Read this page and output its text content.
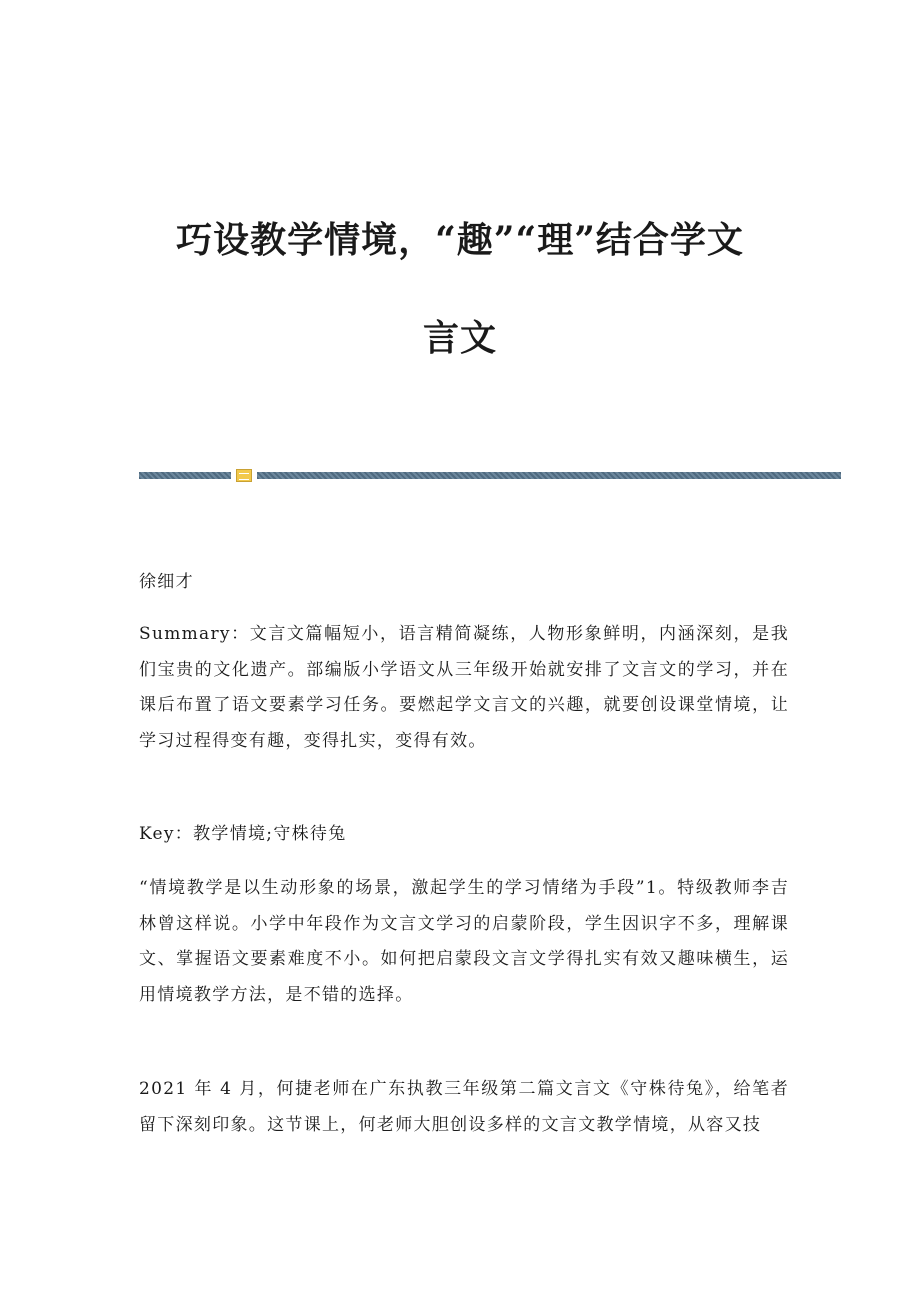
巧设教学情境，“趣”“理”结合学文
言文

徐细才

Summary：文言文篇幅短小，语言精简凝练，人物形象鲜明，内涵深刻，是我们宝贵的文化遗产。部编版小学语文从三年级开始就安排了文言文的学习，并在课后布置了语文要素学习任务。要燃起学文言文的兴趣，就要创设课堂情境，让学习过程得变有趣，变得扎实，变得有效。

Key：教学情境;守株待兔

“情境教学是以生动形象的场景，激起学生的学习情绪为手段”1。特级教师李吉林曾这样说。小学中年段作为文言文学习的启蒙阶段，学生因识字不多，理解课文、掌握语文要素难度不小。如何把启蒙段文言文学得扎实有效又趣味横生，运用情境教学方法，是不错的选择。

2021 年 4 月，何捷老师在广东执教三年级第二篇文言文《守株待兔》，给笔者留下深刻印象。这节课上，何老师大胆创设多样的文言文教学情境，从容又技
